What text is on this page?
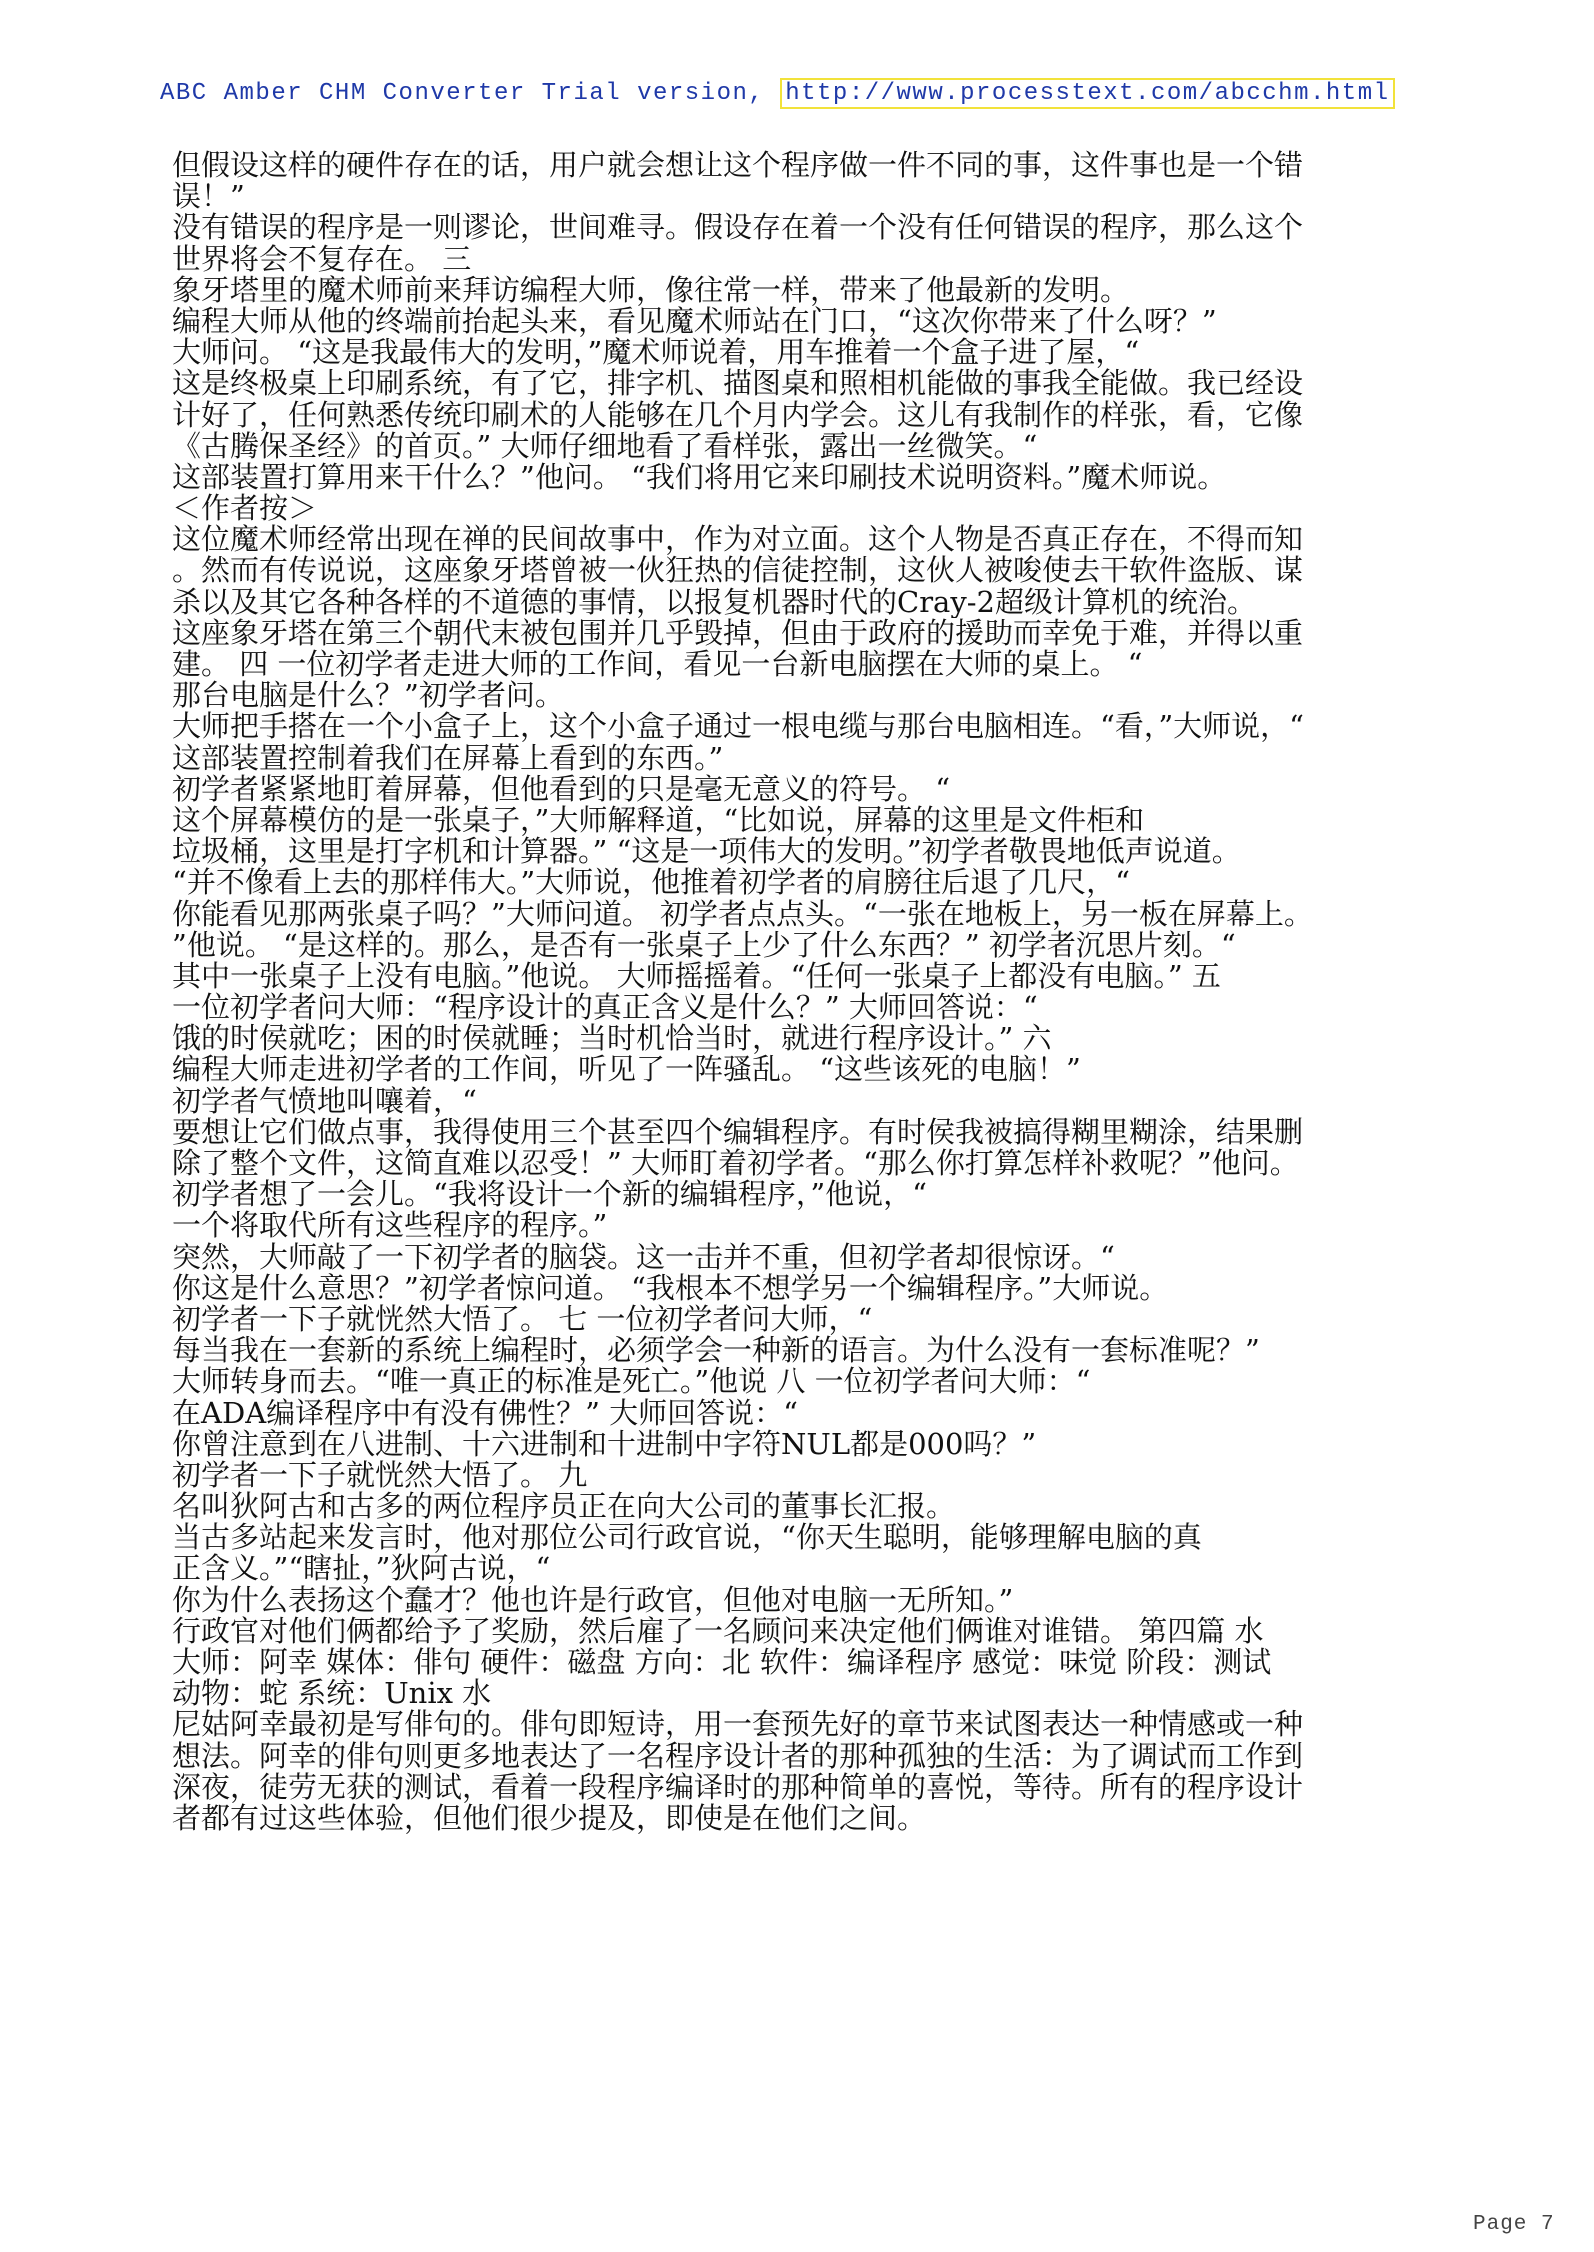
ABC Amber CHM Converter Trial version, http://www.processtext.com/abcchm.html
但假设这样的硬件存在的话，用户就会想让这个程序做一件不同的事，这件事也是一个错
误！”
没有错误的程序是一则谬论，世间难寻。假设存在着一个没有任何错误的程序，那么这个
世界将会不复存在。 三
象牙塔里的魔术师前来拜访编程大师，像往常一样，带来了他最新的发明。
编程大师从他的终端前抬起头来，看见魔术师站在门口，“这次你带来了什么呀？”
大师问。 “这是我最伟大的发明，”魔术师说着，用车推着一个盒子进了屋，“
这是终极桌上印刷系统，有了它，排字机、描图桌和照相机能做的事我全能做。我已经设
计好了，任何熟悉传统印刷术的人能够在几个月内学会。这儿有我制作的样张，看，它像
《古腾保圣经》的首页。” 大师仔细地看了看样张，露出一丝微笑。“
这部装置打算用来干什么？”他问。 “我们将用它来印刷技术说明资料。”魔术师说。
＜作者按＞
这位魔术师经常出现在禅的民间故事中，作为对立面。这个人物是否真正存在，不得而知
。然而有传说说，这座象牙塔曾被一伙狂热的信徒控制，这伙人被唆使去干软件盗版、谋
杀以及其它各种各样的不道德的事情，以报复机器时代的Cray-2超级计算机的统治。
这座象牙塔在第三个朝代末被包围并几乎毁掉，但由于政府的援助而幸免于难，并得以重
建。 四 一位初学者走进大师的工作间，看见一台新电脑摆在大师的桌上。 “
那台电脑是什么？”初学者问。
大师把手搭在一个小盒子上，这个小盒子通过一根电缆与那台电脑相连。“看，”大师说，“
这部装置控制着我们在屏幕上看到的东西。”
初学者紧紧地盯着屏幕，但他看到的只是毫无意义的符号。 “
这个屏幕模仿的是一张桌子，”大师解释道，“比如说，屏幕的这里是文件柜和
垃圾桶，这里是打字机和计算器。” “这是一项伟大的发明。”初学者敬畏地低声说道。
“并不像看上去的那样伟大。”大师说，他推着初学者的肩膀往后退了几尺，“
你能看见那两张桌子吗？”大师问道。 初学者点点头。“一张在地板上，另一板在屏幕上。
”他说。 “是这样的。那么，是否有一张桌子上少了什么东西？” 初学者沉思片刻。“
其中一张桌子上没有电脑。”他说。 大师摇摇着。“任何一张桌子上都没有电脑。” 五
一位初学者问大师：“程序设计的真正含义是什么？” 大师回答说：“
饿的时侯就吃；困的时侯就睡；当时机恰当时，就进行程序设计。” 六
编程大师走进初学者的工作间，听见了一阵骚乱。 “这些该死的电脑！”
初学者气愤地叫嚷着，“
要想让它们做点事，我得使用三个甚至四个编辑程序。有时侯我被搞得糊里糊涂，结果删
除了整个文件，这简直难以忍受！” 大师盯着初学者。“那么你打算怎样补救呢？”他问。
初学者想了一会儿。“我将设计一个新的编辑程序，”他说，“
一个将取代所有这些程序的程序。”
突然，大师敲了一下初学者的脑袋。这一击并不重，但初学者却很惊讶。“
你这是什么意思？”初学者惊问道。 “我根本不想学另一个编辑程序。”大师说。
初学者一下子就恍然大悟了。 七 一位初学者问大师，“
每当我在一套新的系统上编程时，必须学会一种新的语言。为什么没有一套标准呢？”
大师转身而去。“唯一真正的标准是死亡。”他说 八 一位初学者问大师：“
在ADA编译程序中有没有佛性？” 大师回答说：“
你曾注意到在八进制、十六进制和十进制中字符NUL都是000吗？”
初学者一下子就恍然大悟了。 九
名叫狄阿古和古多的两位程序员正在向大公司的董事长汇报。
当古多站起来发言时，他对那位公司行政官说，“你天生聪明，能够理解电脑的真
正含义。”“瞎扯，”狄阿古说，“
你为什么表扬这个蠢才？他也许是行政官，但他对电脑一无所知。”
行政官对他们俩都给予了奖励，然后雇了一名顾问来决定他们俩谁对谁错。 第四篇 水
大师：阿幸 媒体：俳句 硬件：磁盘 方向：北 软件：编译程序 感觉：味觉 阶段：测试
动物：蛇 系统：Unix 水
尼姑阿幸最初是写俳句的。俳句即短诗，用一套预先好的章节来试图表达一种情感或一种
想法。阿幸的俳句则更多地表达了一名程序设计者的那种孤独的生活：为了调试而工作到
深夜，徒劳无获的测试，看着一段程序编译时的那种简单的喜悦，等待。所有的程序设计
者都有过这些体验，但他们很少提及，即使是在他们之间。
Page 7
